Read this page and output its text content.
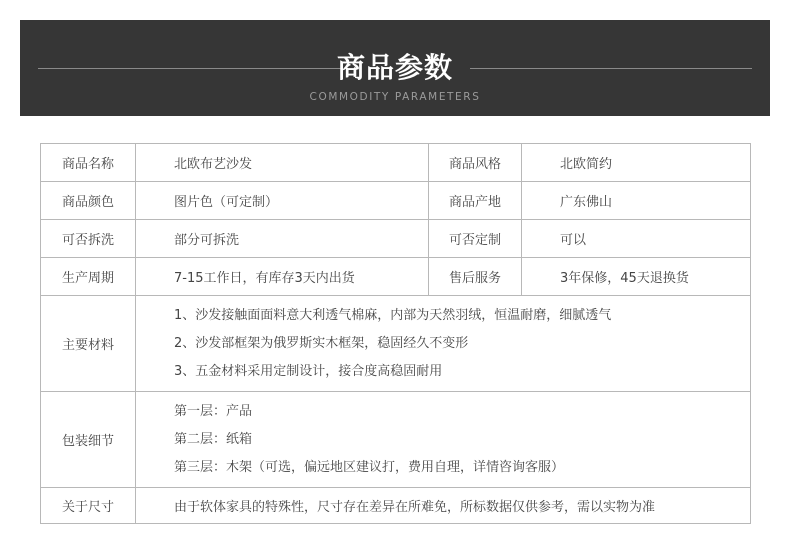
商品参数
COMMODITY PARAMETERS
商品名称	北欧布艺沙发	商品风格	北欧简约
商品颜色	图片色（可定制）	商品产地	广东佛山
可否拆洗	部分可拆洗	可否定制	可以
生产周期	7-15工作日，有库存3天内出货	售后服务	3年保修，45天退换货
主要材料	1、沙发接触面面料意大利透气棉麻，内部为天然羽绒，恒温耐磨，细腻透气
2、沙发部框架为俄罗斯实木框架，稳固经久不变形
3、五金材料采用定制设计，接合度高稳固耐用		

包装细节	第一层：产品
第二层：纸箱
第三层：木架（可选，偏远地区建议打，费用自理，详情咨询客服）		

关于尺寸	由于软体家具的特殊性，尺寸存在差异在所难免，所标数据仅供参考，需以实物为准		
